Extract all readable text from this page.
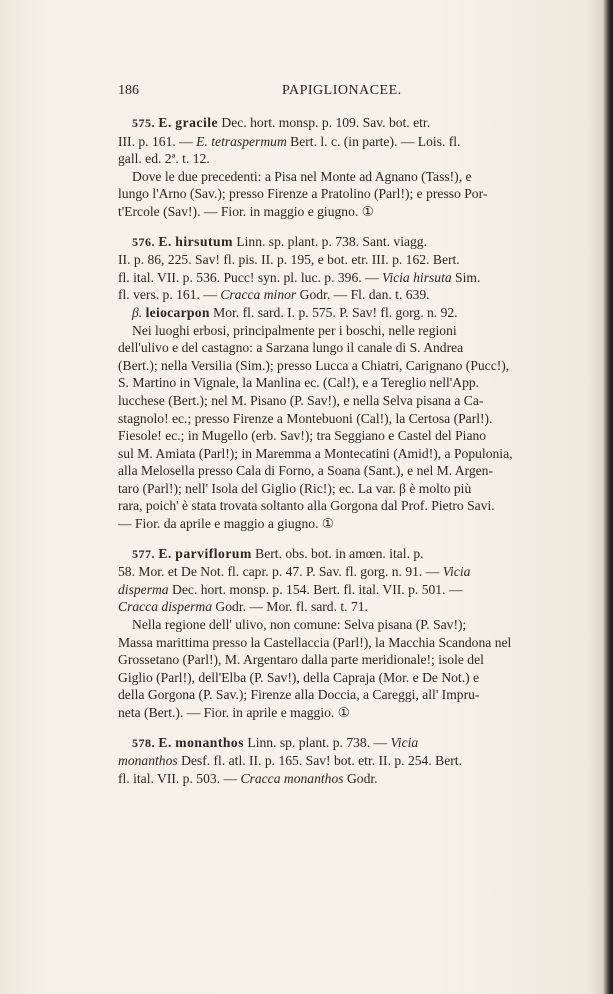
186	PAPIGLIONACEE.
575. E. gracile Dec. hort. monsp. p. 109. Sav. bot. etr.
III. p. 161. — E. tetraspermum Bert. l. c. (in parte). — Lois. fl.
gall. ed. 2ª. t. 12.
Dove le due precedenti: a Pisa nel Monte ad Agnano (Tass!), e
lungo l'Arno (Sav.); presso Firenze a Pratolino (Parl!); e presso Por-
t'Ercole (Sav!). — Fior. in maggio e giugno. ①
576. E. hirsutum Linn. sp. plant. p. 738. Sant. viagg.
II. p. 86, 225. Sav! fl. pis. II. p. 195, e bot. etr. III. p. 162. Bert.
fl. ital. VII. p. 536. Pucc! syn. pl. luc. p. 396. — Vicia hirsuta Sim.
fl. vers. p. 161. — Cracca minor Godr. — Fl. dan. t. 639.
β. leiocarpon Mor. fl. sard. I. p. 575. P. Sav! fl. gorg. n. 92.
Nei luoghi erbosi, principalmente per i boschi, nelle regioni
dell'ulivo e del castagno: a Sarzana lungo il canale di S. Andrea
(Bert.); nella Versilia (Sim.); presso Lucca a Chiatri, Carignano (Pucc!),
S. Martino in Vignale, la Manlina ec. (Cal!), e a Tereglio nell'App.
lucchese (Bert.); nel M. Pisano (P. Sav!), e nella Selva pisana a Ca-
stagnolo! ec.; presso Firenze a Montebuoni (Cal!), la Certosa (Parl!).
Fiesole! ec.; in Mugello (erb. Sav!); tra Seggiano e Castel del Piano
sul M. Amiata (Parl!); in Maremma a Montecatini (Amid!), a Populonia,
alla Melosella presso Cala di Forno, a Soana (Sant.), e nel M. Argen-
taro (Parl!); nell' Isola del Giglio (Ric!); ec. La var. β è molto più
rara, poich' è stata trovata soltanto alla Gorgona dal Prof. Pietro Savi.
— Fior. da aprile e maggio a giugno. ①
577. E. parviflorum Bert. obs. bot. in amœn. ital. p.
58. Mor. et De Not. fl. capr. p. 47. P. Sav. fl. gorg. n. 91. — Vicia
disperma Dec. hort. monsp. p. 154. Bert. fl. ital. VII. p. 501. —
Cracca disperma Godr. — Mor. fl. sard. t. 71.
Nella regione dell' ulivo, non comune: Selva pisana (P. Sav!);
Massa marittima presso la Castellaccia (Parl!), la Macchia Scandona nel
Grossetano (Parl!), M. Argentaro dalla parte meridionale!; isole del
Giglio (Parl!), dell'Elba (P. Sav!), della Capraja (Mor. e De Not.) e
della Gorgona (P. Sav.); Firenze alla Doccia, a Careggi, all' Impru-
neta (Bert.). — Fior. in aprile e maggio. ①
578. E. monanthos Linn. sp. plant. p. 738. — Vicia
monanthos Desf. fl. atl. II. p. 165. Sav! bot. etr. II. p. 254. Bert.
fl. ital. VII. p. 503. — Cracca monanthos Godr.
